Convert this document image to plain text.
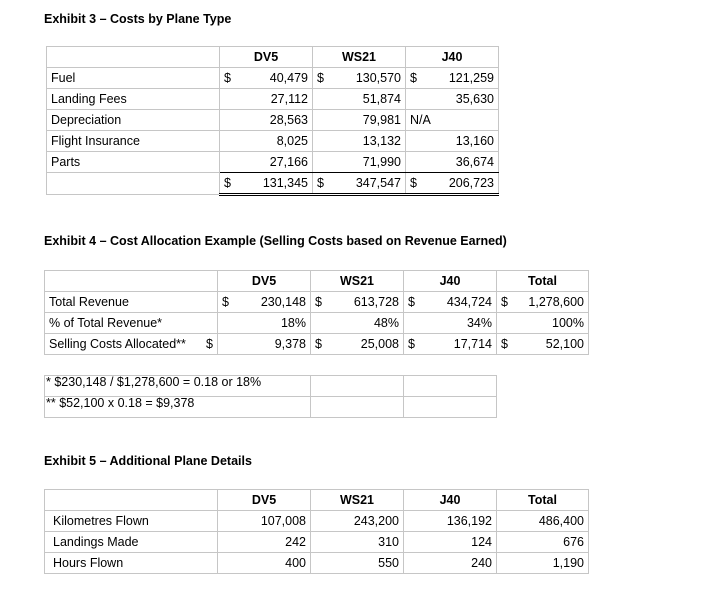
Exhibit 3 – Costs by Plane Type
	DV5	WS21	J40
Fuel	$ 40,479	$ 130,570	$ 121,259
Landing Fees	27,112	51,874	35,630
Depreciation	28,563	79,981	N/A
Flight Insurance	8,025	13,132	13,160
Parts	27,166	71,990	36,674

	$ 131,345	$ 347,547	$ 206,723
Exhibit 4 – Cost Allocation Example (Selling Costs based on Revenue Earned)
	DV5	WS21	J40	Total
Total Revenue	$ 230,148	$ 613,728	$ 434,724	$ 1,278,600
% of Total Revenue*	18%	48%	34%	100%
Selling Costs Allocated** $	9,378	$ 25,008	$ 17,714	$ 52,100

* $230,148 / $1,278,600 = 0.18 or 18%
** $52,100 x 0.18 = $9,378
Exhibit 5 – Additional Plane Details
	DV5	WS21	J40	Total
Kilometres Flown	107,008	243,200	136,192	486,400
Landings Made	242	310	124	676
Hours Flown	400	550	240	1,190
